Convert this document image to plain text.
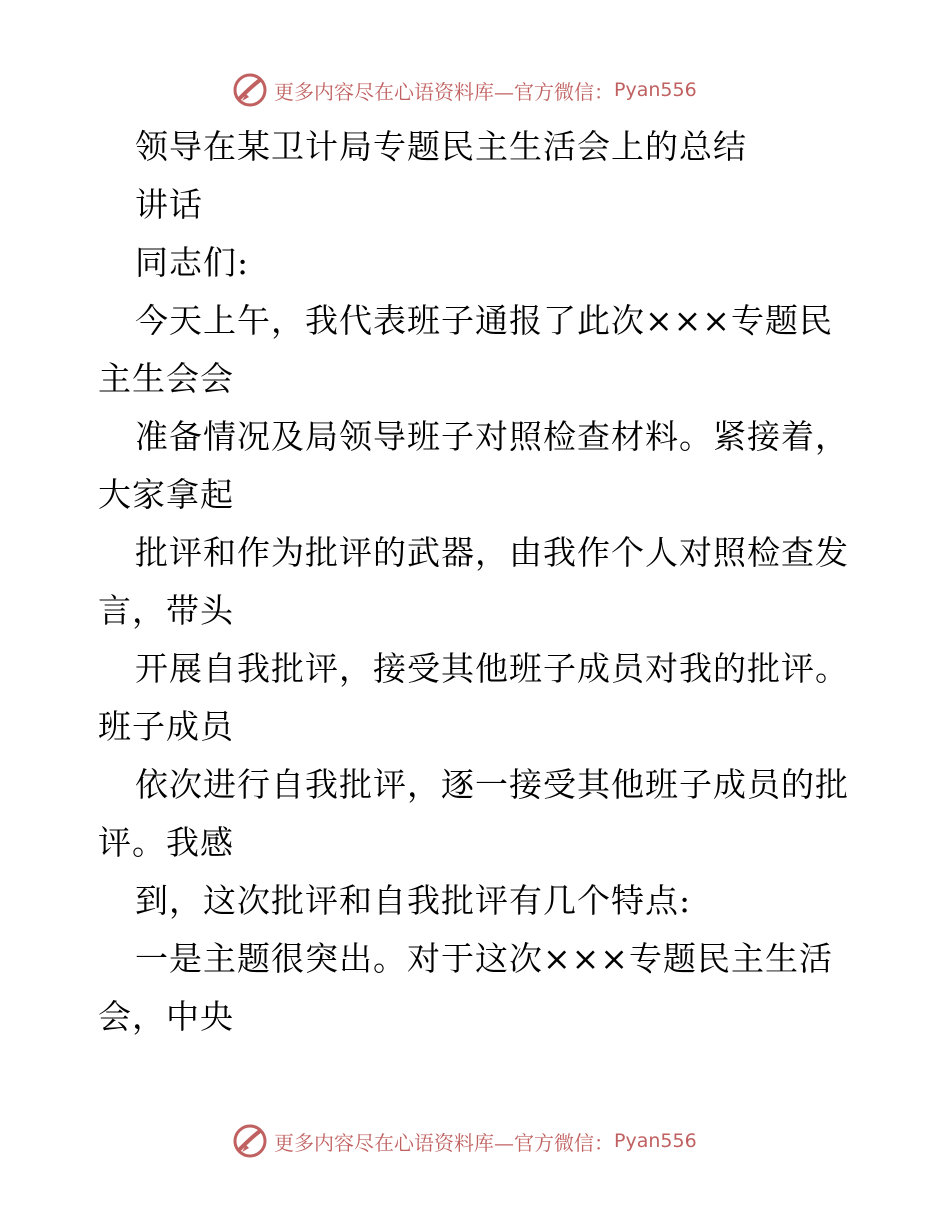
更多内容尽在心语资料库—官方微信： Pyan556
领导在某卫计局专题民主生活会上的总结
讲话
同志们:
今天上午，我代表班子通报了此次×××专题民
主生会会
准备情况及局领导班子对照检查材料。紧接着，
大家拿起
批评和作为批评的武器，由我作个人对照检查发
言，带头
开展自我批评，接受其他班子成员对我的批评。
班子成员
依次进行自我批评，逐一接受其他班子成员的批
评。我感
到，这次批评和自我批评有几个特点:
一是主题很突出。对于这次×××专题民主生活
会，中央
更多内容尽在心语资料库—官方微信： Pyan556
